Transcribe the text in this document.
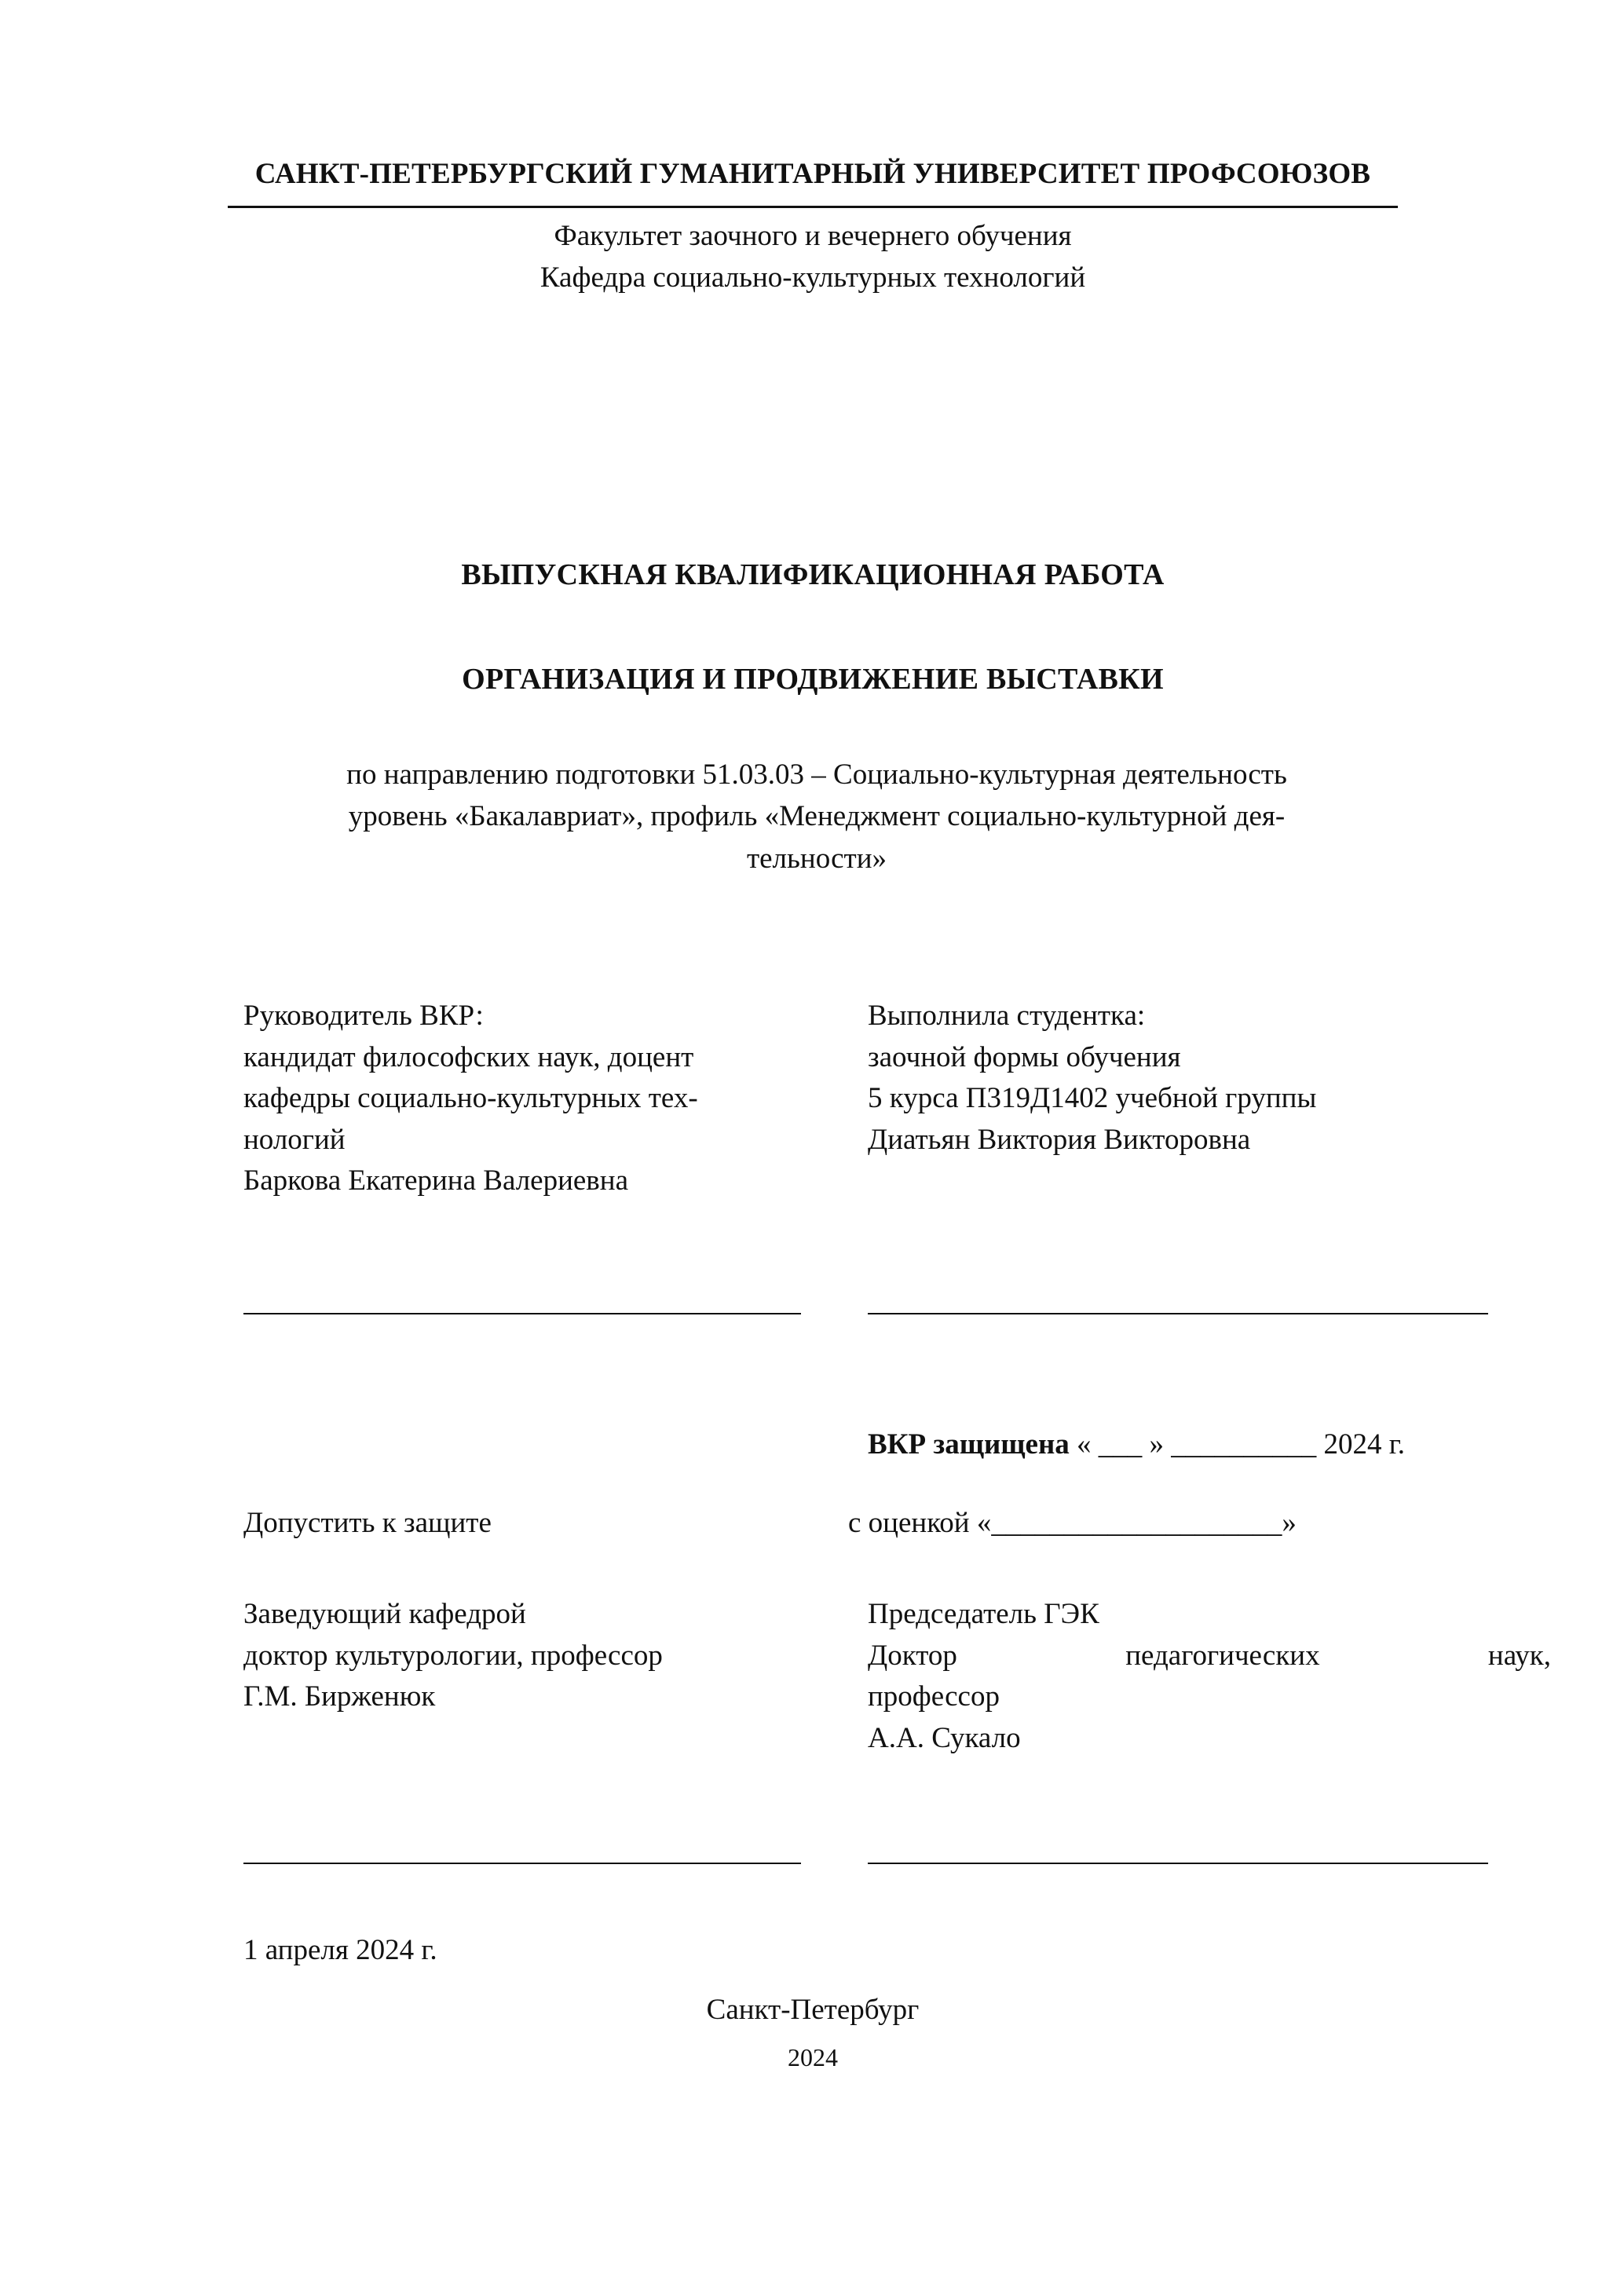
САНКТ-ПЕТЕРБУРГСКИЙ ГУМАНИТАРНЫЙ УНИВЕРСИТЕТ ПРОФСОЮЗОВ
Факультет заочного и вечернего обучения
Кафедра социально-культурных технологий
ВЫПУСКНАЯ КВАЛИФИКАЦИОННАЯ РАБОТА
ОРГАНИЗАЦИЯ И ПРОДВИЖЕНИЕ ВЫСТАВКИ
по направлению подготовки 51.03.03 – Социально-культурная деятельность
уровень «Бакалавриат», профиль «Менеджмент социально-культурной дея-
тельности»
Руководитель ВКР:
кандидат философских наук, доцент
кафедры социально-культурных тех-
нологий
Баркова Екатерина Валериевна
Выполнила студентка:
заочной формы обучения
5 курса П319Д1402 учебной группы
Диатьян Виктория Викторовна
ВКР защищена « ___ » __________ 2024 г.
Допустить к защите	с оценкой «____________________»
Заведующий кафедрой
доктор культурологии, профессор
Г.М. Бирженюк
Председатель ГЭК
Доктор педагогических наук,
профессор
А.А. Сукало
1 апреля 2024 г.
Санкт-Петербург
2024
